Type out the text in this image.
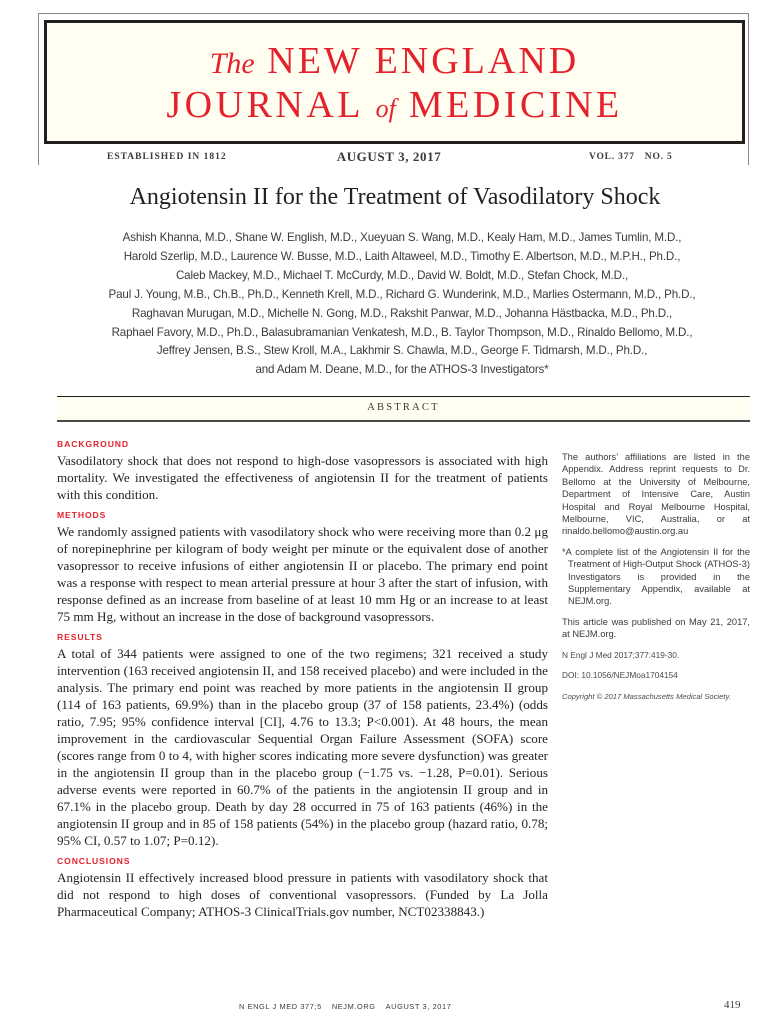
The NEW ENGLAND
JOURNAL of MEDICINE
ESTABLISHED IN 1812	AUGUST 3, 2017	VOL. 377 NO. 5
Angiotensin II for the Treatment of Vasodilatory Shock
Ashish Khanna, M.D., Shane W. English, M.D., Xueyuan S. Wang, M.D., Kealy Ham, M.D., James Tumlin, M.D.,
Harold Szerlip, M.D., Laurence W. Busse, M.D., Laith Altaweel, M.D., Timothy E. Albertson, M.D., M.P.H., Ph.D.,
Caleb Mackey, M.D., Michael T. McCurdy, M.D., David W. Boldt, M.D., Stefan Chock, M.D.,
Paul J. Young, M.B., Ch.B., Ph.D., Kenneth Krell, M.D., Richard G. Wunderink, M.D., Marlies Ostermann, M.D., Ph.D.,
Raghavan Murugan, M.D., Michelle N. Gong, M.D., Rakshit Panwar, M.D., Johanna Hästbacka, M.D., Ph.D.,
Raphael Favory, M.D., Ph.D., Balasubramanian Venkatesh, M.D., B. Taylor Thompson, M.D., Rinaldo Bellomo, M.D.,
Jeffrey Jensen, B.S., Stew Kroll, M.A., Lakhmir S. Chawla, M.D., George F. Tidmarsh, M.D., Ph.D.,
and Adam M. Deane, M.D., for the ATHOS-3 Investigators*
ABSTRACT
BACKGROUND
Vasodilatory shock that does not respond to high-dose vasopressors is associated with high mortality. We investigated the effectiveness of angiotensin II for the treatment of patients with this condition.
METHODS
We randomly assigned patients with vasodilatory shock who were receiving more than 0.2 μg of norepinephrine per kilogram of body weight per minute or the equivalent dose of another vasopressor to receive infusions of either angiotensin II or placebo. The primary end point was a response with respect to mean arterial pressure at hour 3 after the start of infusion, with response defined as an increase from baseline of at least 10 mm Hg or an increase to at least 75 mm Hg, without an increase in the dose of background vasopressors.
RESULTS
A total of 344 patients were assigned to one of the two regimens; 321 received a study intervention (163 received angiotensin II, and 158 received placebo) and were included in the analysis. The primary end point was reached by more patients in the angiotensin II group (114 of 163 patients, 69.9%) than in the placebo group (37 of 158 patients, 23.4%) (odds ratio, 7.95; 95% confidence interval [CI], 4.76 to 13.3; P<0.001). At 48 hours, the mean improvement in the cardiovascular Sequential Organ Failure Assessment (SOFA) score (scores range from 0 to 4, with higher scores indicating more severe dysfunction) was greater in the angiotensin II group than in the placebo group (−1.75 vs. −1.28, P=0.01). Serious adverse events were reported in 60.7% of the patients in the angiotensin II group and in 67.1% in the placebo group. Death by day 28 occurred in 75 of 163 patients (46%) in the angiotensin II group and in 85 of 158 patients (54%) in the placebo group (hazard ratio, 0.78; 95% CI, 0.57 to 1.07; P=0.12).
CONCLUSIONS
Angiotensin II effectively increased blood pressure in patients with vasodilatory shock that did not respond to high doses of conventional vasopressors. (Funded by La Jolla Pharmaceutical Company; ATHOS-3 ClinicalTrials.gov number, NCT02338843.)

The authors’ affiliations are listed in the Appendix. Address reprint requests to Dr. Bellomo at the University of Melbourne, Department of Intensive Care, Austin Hospital and Royal Melbourne Hospital, Melbourne, VIC, Australia, or at rinaldo.bellomo@austin.org.au

*A complete list of the Angiotensin II for the Treatment of High-Output Shock (ATHOS-3) Investigators is provided in the Supplementary Appendix, available at NEJM.org.

This article was published on May 21, 2017, at NEJM.org.

N Engl J Med 2017;377:419-30.

DOI: 10.1056/NEJMoa1704154

Copyright © 2017 Massachusetts Medical Society.

N ENGL J MED 377;5 NEJM.ORG AUGUST 3, 2017	419
